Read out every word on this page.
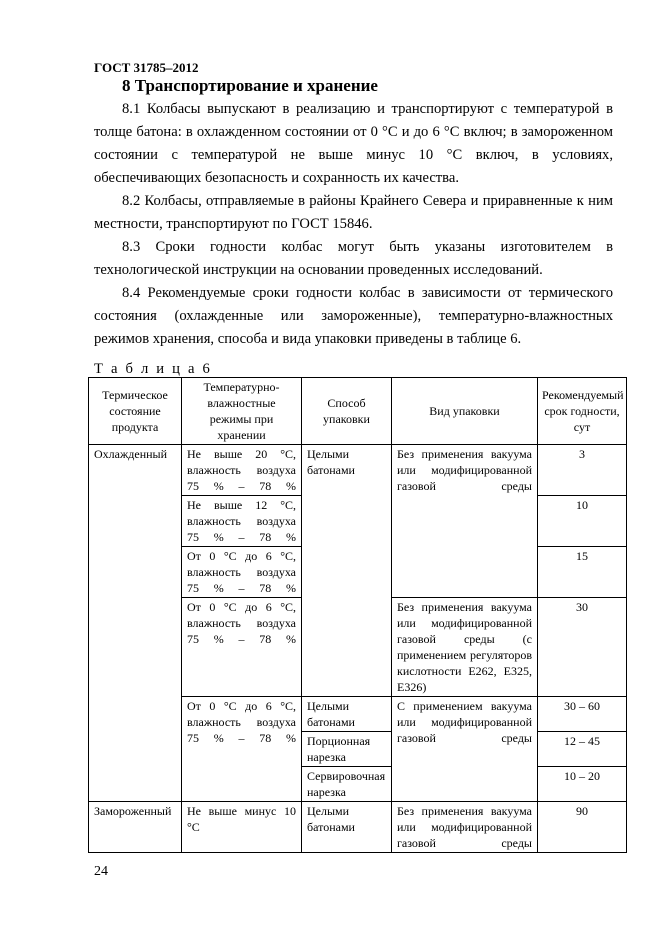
ГОСТ 31785–2012
8 Транспортирование и хранение

8.1 Колбасы выпускают в реализацию и транспортируют с температурой в толще батона: в охлажденном состоянии от 0 °С и до 6 °С включ; в замороженном состоянии с температурой не выше минус 10 °С включ, в условиях, обеспечивающих безопасность и сохранность их качества.

8.2 Колбасы, отправляемые в районы Крайнего Севера и приравненные к ним местности, транспортируют по ГОСТ 15846.

8.3 Сроки годности колбас могут быть указаны изготовителем в технологической инструкции на основании проведенных исследований.

8.4 Рекомендуемые сроки годности колбас в зависимости от термического состояния (охлажденные или замороженные), температурно-влажностных режимов хранения, способа и вида упаковки приведены в таблице 6.

Т а б л и ц а 6
Термическое состояние продукта	Температурно-влажностные режимы при хранении	Способ упаковки	Вид упаковки	Рекомендуемый срок годности, сут
Охлажденный	Не выше 20 °С, влажность воздуха 75 % – 78 %	Целыми батонами	Без применения вакуума или модифицированной газовой среды	3
	Не выше 12 °С, влажность воздуха 75 % – 78 %			10
	От 0 °С до 6 °С, влажность воздуха 75 % – 78 %			15
	От 0 °С до 6 °С, влажность воздуха 75 % – 78 %		Без применения вакуума или модифицированной газовой среды (с применением регуляторов кислотности Е262, Е325, Е326)	30
	От 0 °С до 6 °С, влажность воздуха 75 % – 78 %	Целыми батонами	С применением вакуума или модифицированной газовой среды	30 – 60
		Порционная нарезка		12 – 45
		Сервировочная нарезка		10 – 20
Замороженный	Не выше минус 10 °С	Целыми батонами	Без применения вакуума или модифицированной газовой среды	90
24
